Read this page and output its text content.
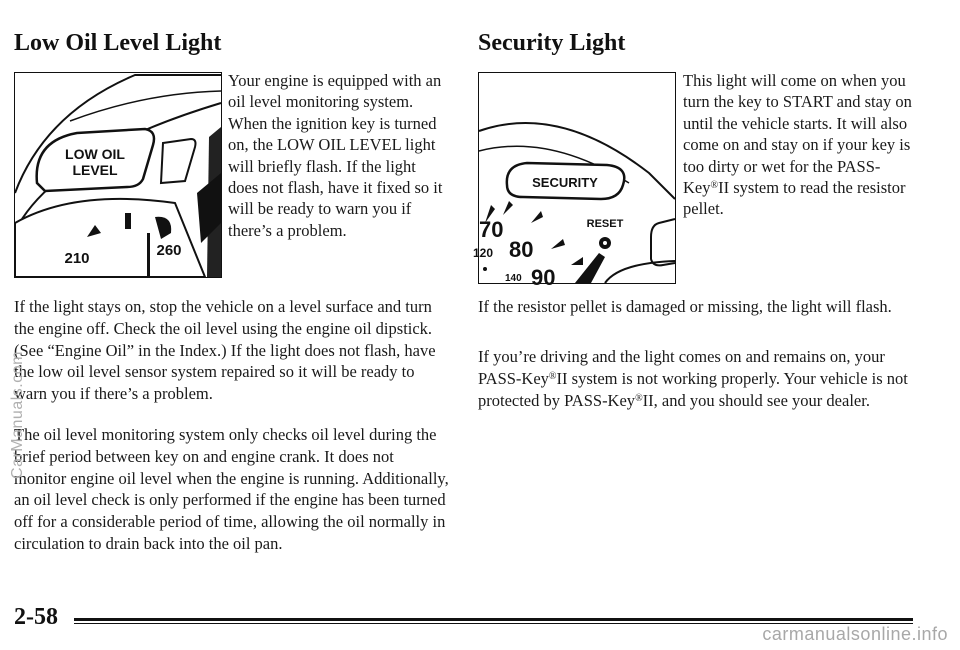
Low Oil Level Light
LOW OIL
LEVEL
210	260

Your engine is equipped with an oil level monitoring system. When the ignition key is turned on, the LOW OIL LEVEL light will briefly flash. If the light does not flash, have it fixed so it will be ready to warn you if there’s a problem.

If the light stays on, stop the vehicle on a level surface and turn the engine off. Check the oil level using the engine oil dipstick. (See “Engine Oil” in the Index.) If the light does not flash, have the low oil level sensor system repaired so it will be ready to warn you if there’s a problem.

The oil level monitoring system only checks oil level during the brief period between key on and engine crank. It does not monitor engine oil level when the engine is running. Additionally, an oil level check is only performed if the engine has been turned off for a considerable period of time, allowing the oil normally in circulation to drain back into the oil pan.

Security Light
SECURITY
RESET
70
80
120
140 90

This light will come on when you turn the key to START and stay on until the vehicle starts. It will also come on and stay on if your key is too dirty or wet for the PASS-Key®II system to read the resistor pellet.

If the resistor pellet is damaged or missing, the light will flash.

If you’re driving and the light comes on and remains on, your PASS-Key®II system is not working properly. Your vehicle is not protected by PASS-Key®II, and you should see your dealer.

2-58
CarManuals.com
carmanualsonline.info
